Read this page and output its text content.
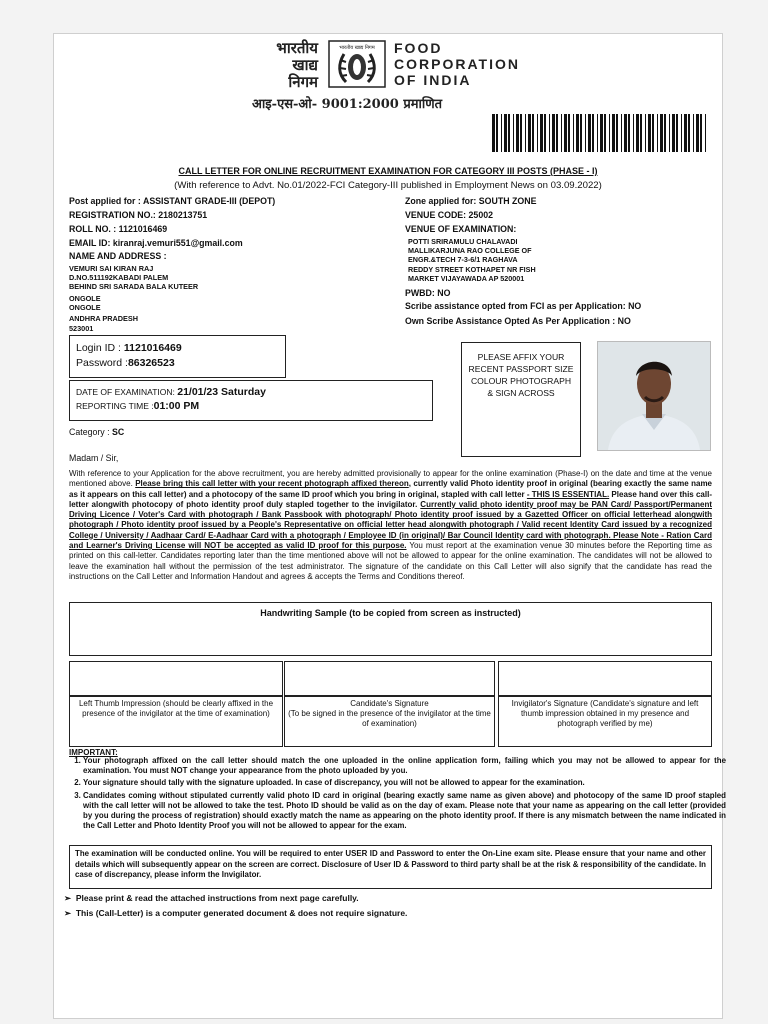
भारतीय
खाद्य
निगम
भारतीय खाद्य निगम FOOD
CORPORATION
OF INDIA
आइ-एस-ओ- 9001:2000 प्रमाणित
CALL LETTER FOR ONLINE RECRUITMENT EXAMINATION FOR CATEGORY III POSTS (PHASE - I)
(With reference to Advt. No.01/2022-FCI Category-III published in Employment News on 03.09.2022)
Post applied for : ASSISTANT GRADE-III (DEPOT)
REGISTRATION NO.: 2180213751
ROLL NO. : 1121016469
EMAIL ID: kiranraj.vemuri551@gmail.com
NAME AND ADDRESS :
VEMURI SAI KIRAN RAJ
D.NO.511192KABADI PALEM
BEHIND SRI SARADA BALA KUTEER
ONGOLE
ONGOLE
ANDHRA PRADESH
523001
Zone applied for: SOUTH ZONE
VENUE CODE: 25002
VENUE OF EXAMINATION:
POTTI SRIRAMULU CHALAVADI
MALLIKARJUNA RAO COLLEGE OF
ENGR.&TECH 7-3-6/1 RAGHAVA
REDDY STREET KOTHAPET NR FISH
MARKET VIJAYAWADA AP 520001
PWBD: NO
Scribe assistance opted from FCI as per Application: NO
Own Scribe Assistance Opted As Per Application : NO
Login ID : 1121016469
Password :86326523
DATE OF EXAMINATION: 21/01/23 Saturday
REPORTING TIME :01:00 PM
PLEASE AFFIX YOUR RECENT PASSPORT SIZE COLOUR PHOTOGRAPH & SIGN ACROSS
Category : SC
Madam / Sir,
With reference to your Application for the above recruitment, you are hereby admitted provisionally to appear for the online examination (Phase-I) on the date and time at the venue mentioned above. Please bring this call letter with your recent photograph affixed thereon, currently valid Photo identity proof in original (bearing exactly the same name as it appears on this call letter) and a photocopy of the same ID proof which you bring in original, stapled with call letter - THIS IS ESSENTIAL. Please hand over this call-letter alongwith photocopy of photo identity proof duly stapled together to the invigilator. Currently valid photo identity proof may be PAN Card/ Passport/Permanent Driving Licence / Voter's Card with photograph / Bank Passbook with photograph/ Photo identity proof issued by a Gazetted Officer on official letterhead alongwith photograph / Photo identity proof issued by a People's Representative on official letter head alongwith photograph / Valid recent Identity Card issued by a recognized College / University / Aadhaar Card/ E-Aadhaar Card with a photograph / Employee ID (in original)/ Bar Council Identity card with photograph. Please Note - Ration Card and Learner's Driving License will NOT be accepted as valid ID proof for this purpose. You must report at the examination venue 30 minutes before the Reporting time as printed on this call-letter. Candidates reporting later than the time mentioned above will not be allowed to appear for the online examination. The candidates will not be allowed to leave the examination hall without the permission of the test administrator. The signature of the candidate on this Call Letter will also signify that the candidate has read the instructions on the Call Letter and Information Handout and agrees & accepts the Terms and Conditions thereof.
Handwriting Sample (to be copied from screen as instructed)
Left Thumb Impression (should be clearly affixed in the presence of the invigilator at the time of examination)
Candidate's Signature
(To be signed in the presence of the invigilator at the time of examination)
Invigilator's Signature (Candidate's signature and left thumb impression obtained in my presence and photograph verified by me)
IMPORTANT:
1. Your photograph affixed on the call letter should match the one uploaded in the online application form, failing which you may not be allowed to appear for the examination. You must NOT change your appearance from the photo uploaded by you.
2. Your signature should tally with the signature uploaded. In case of discrepancy, you will not be allowed to appear for the examination.
3. Candidates coming without stipulated currently valid photo ID card in original (bearing exactly same name as given above) and photocopy of the same ID proof stapled with the call letter will not be allowed to take the test. Photo ID should be valid as on the day of exam. Please note that your name as appearing on the call letter (provided by you during the process of registration) should exactly match the name as appearing on the photo identity proof. If there is any mismatch between the name indicated in the Call Letter and Photo Identity Proof you will not be allowed to appear for the exam.
The examination will be conducted online. You will be required to enter USER ID and Password to enter the On-Line exam site. Please ensure that your name and other details which will subsequently appear on the screen are correct. Disclosure of User ID & Password to third party shall be at the risk & responsibility of the candidate. In case of discrepancy, please inform the Invigilator.
➢ Please print & read the attached instructions from next page carefully.
➢ This (Call-Letter) is a computer generated document & does not require signature.
